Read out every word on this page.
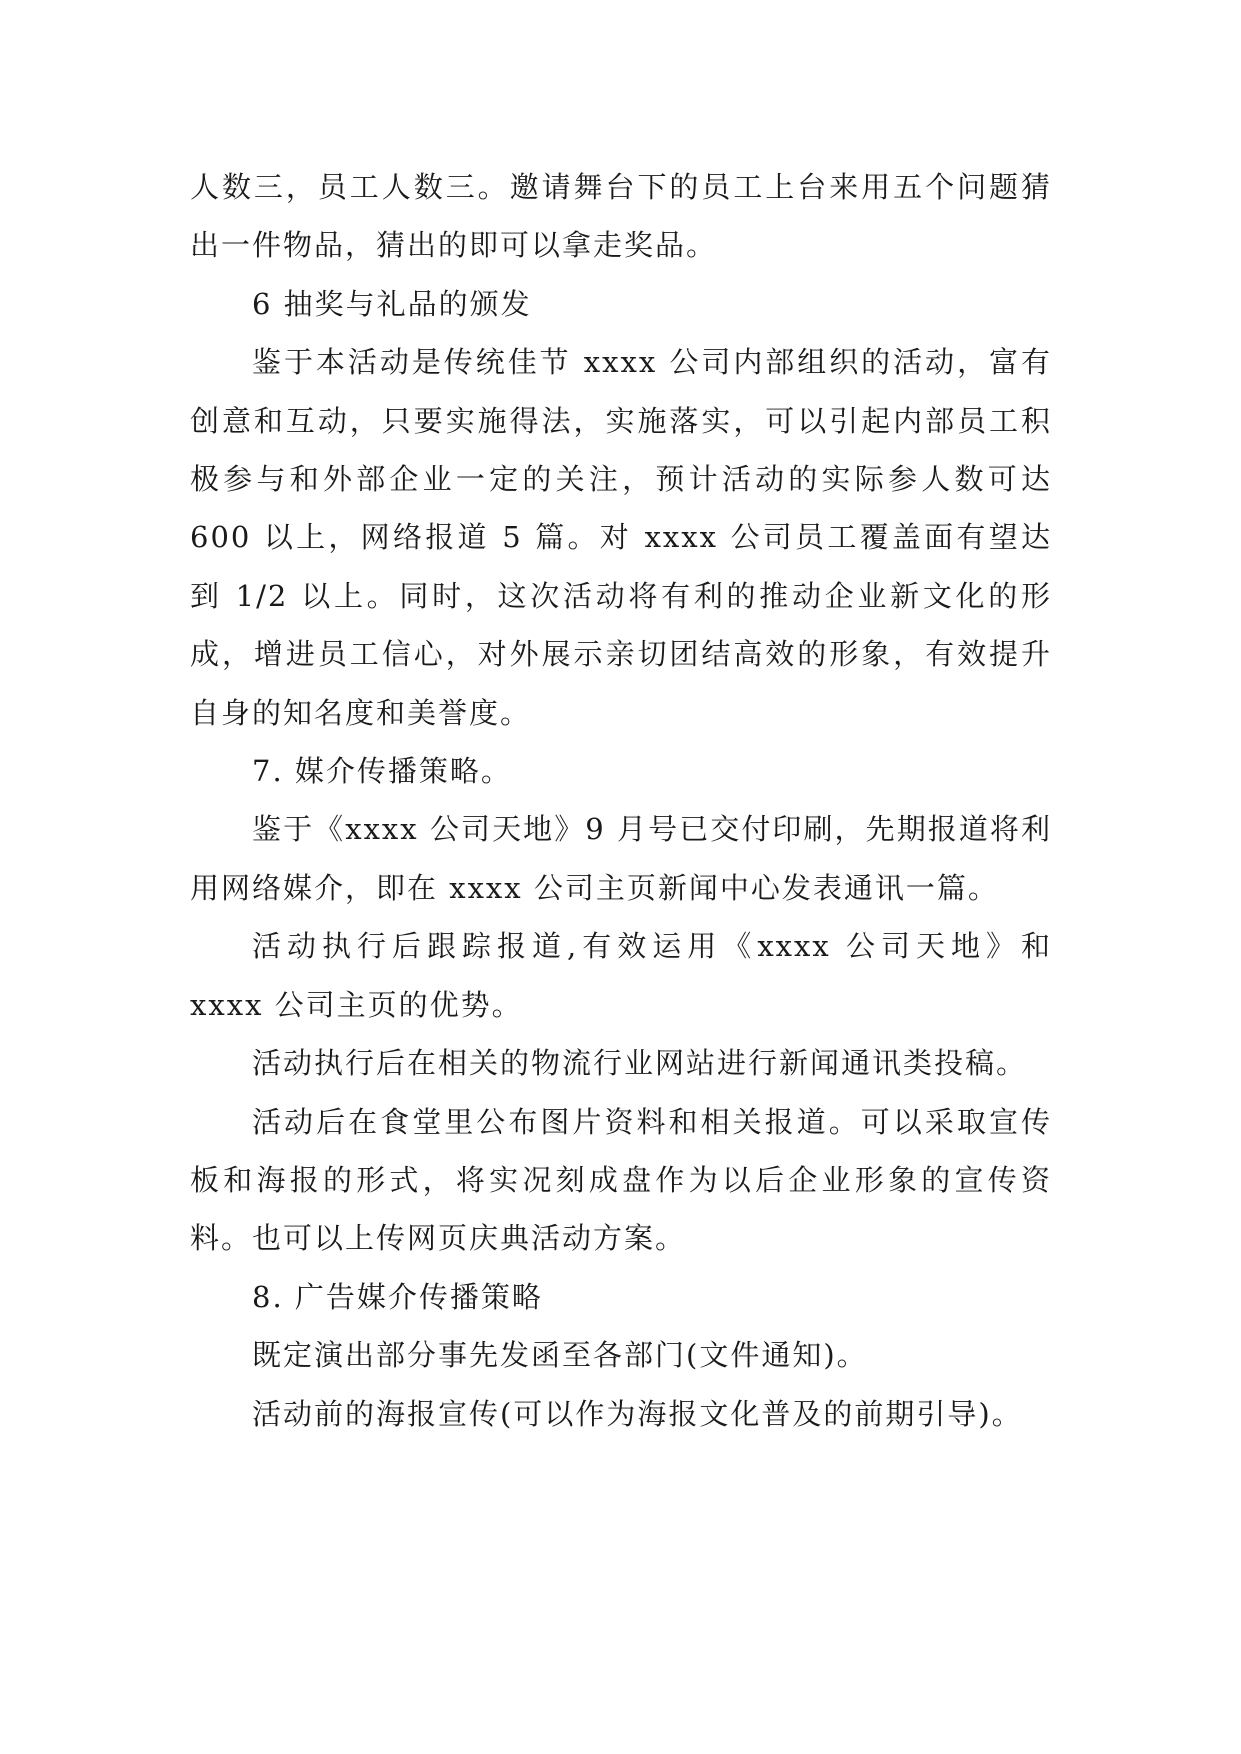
人数三，员工人数三。邀请舞台下的员工上台来用五个问题猜出一件物品，猜出的即可以拿走奖品。

6 抽奖与礼品的颁发

鉴于本活动是传统佳节 xxxx 公司内部组织的活动，富有创意和互动，只要实施得法，实施落实，可以引起内部员工积极参与和外部企业一定的关注，预计活动的实际参人数可达 600 以上，网络报道 5 篇。对 xxxx 公司员工覆盖面有望达到 1/2 以上。同时，这次活动将有利的推动企业新文化的形成，增进员工信心，对外展示亲切团结高效的形象，有效提升自身的知名度和美誉度。

7. 媒介传播策略。

鉴于《xxxx 公司天地》9 月号已交付印刷，先期报道将利用网络媒介，即在 xxxx 公司主页新闻中心发表通讯一篇。

活动执行后跟踪报道,有效运用《xxxx 公司天地》和 xxxx 公司主页的优势。

活动执行后在相关的物流行业网站进行新闻通讯类投稿。

活动后在食堂里公布图片资料和相关报道。可以采取宣传板和海报的形式，将实况刻成盘作为以后企业形象的宣传资料。也可以上传网页庆典活动方案。

8. 广告媒介传播策略

既定演出部分事先发函至各部门(文件通知)。

活动前的海报宣传(可以作为海报文化普及的前期引导)。
